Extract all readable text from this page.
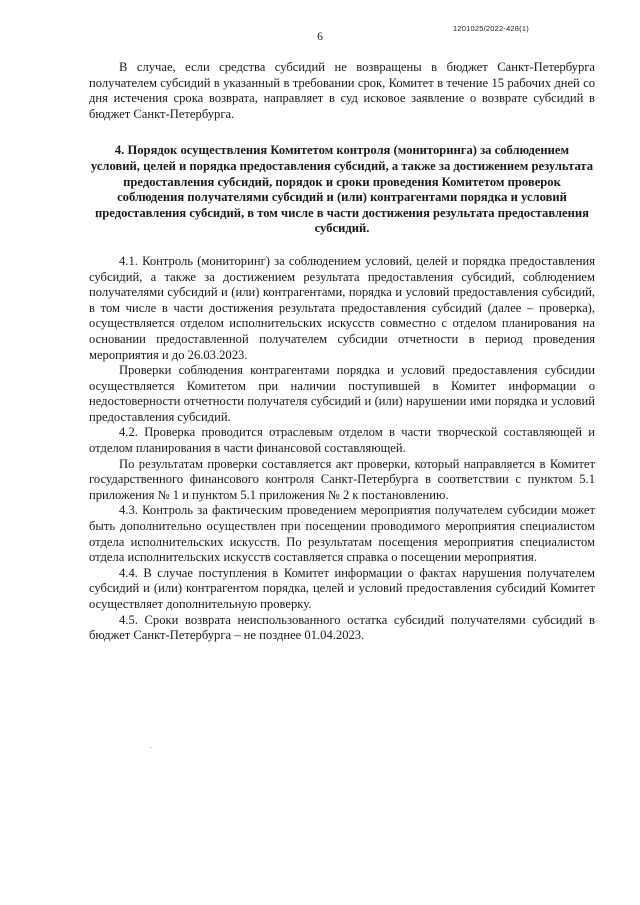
1201025/2022-428(1)
6

В случае, если средства субсидий не возвращены в бюджет Санкт-Петербурга получателем субсидий в указанный в требовании срок, Комитет в течение 15 рабочих дней со дня истечения срока возврата, направляет в суд исковое заявление о возврате субсидий в бюджет Санкт-Петербурга.

4. Порядок осуществления Комитетом контроля (мониторинга) за соблюдением условий, целей и порядка предоставления субсидий, а также за достижением результата предоставления субсидий, порядок и сроки проведения Комитетом проверок соблюдения получателями субсидий и (или) контрагентами порядка и условий предоставления субсидий, в том числе в части достижения результата предоставления субсидий.

4.1. Контроль (мониторинг) за соблюдением условий, целей и порядка предоставления субсидий, а также за достижением результата предоставления субсидий, соблюдением получателями субсидий и (или) контрагентами, порядка и условий предоставления субсидий, в том числе в части достижения результата предоставления субсидий (далее – проверка), осуществляется отделом исполнительских искусств совместно с отделом планирования на основании предоставленной получателем субсидии отчетности в период проведения мероприятия и до 26.03.2023.

Проверки соблюдения контрагентами порядка и условий предоставления субсидии осуществляется Комитетом при наличии поступившей в Комитет информации о недостоверности отчетности получателя субсидий и (или) нарушении ими порядка и условий предоставления субсидий.

4.2. Проверка проводится отраслевым отделом в части творческой составляющей и отделом планирования в части финансовой составляющей.

По результатам проверки составляется акт проверки, который направляется в Комитет государственного финансового контроля Санкт-Петербурга в соответствии с пунктом 5.1 приложения № 1 и пунктом 5.1 приложения № 2 к постановлению.

4.3. Контроль за фактическим проведением мероприятия получателем субсидии может быть дополнительно осуществлен при посещении проводимого мероприятия специалистом отдела исполнительских искусств. По результатам посещения мероприятия специалистом отдела исполнительских искусств составляется справка о посещении мероприятия.

4.4. В случае поступления в Комитет информации о фактах нарушения получателем субсидий и (или) контрагентом порядка, целей и условий предоставления субсидий Комитет осуществляет дополнительную проверку.

4.5. Сроки возврата неиспользованного остатка субсидий получателями субсидий в бюджет Санкт-Петербурга – не позднее 01.04.2023.
